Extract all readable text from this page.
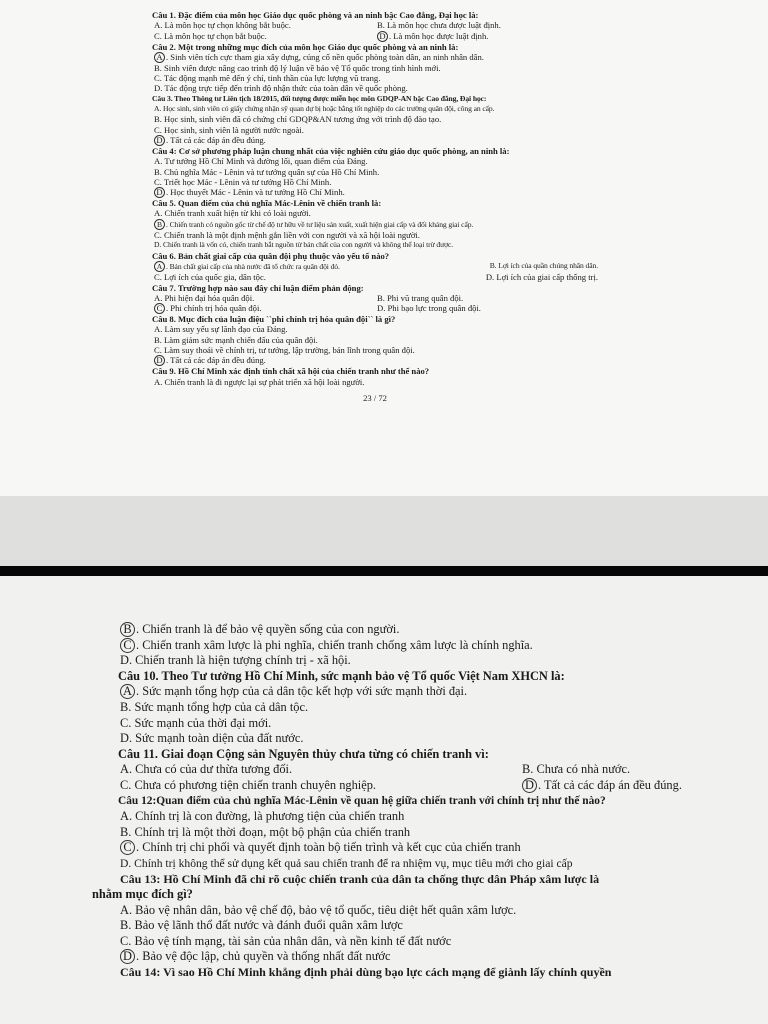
Câu 1. Đặc điểm của môn học Giáo dục quốc phòng và an ninh bậc Cao đẳng, Đại học là:
A. Là môn học tự chọn không bắt buộc.	B. Là môn học chưa được luật định.
C. Là môn học tự chọn bắt buộc.	D . Là môn học được luật định.
Câu 2. Một trong những mục đích của môn học Giáo dục quốc phòng và an ninh là:
A . Sinh viên tích cực tham gia xây dựng, củng cố nền quốc phòng toàn dân, an ninh nhân dân.
B. Sinh viên được nâng cao trình độ lý luận về bảo vệ Tổ quốc trong tình hình mới.
C. Tác động mạnh mẽ đến ý chí, tinh thần của lực lượng vũ trang.
D. Tác động trực tiếp đến trình độ nhận thức của toàn dân về quốc phòng.
Câu 3. Theo Thông tư Liên tịch 18/2015, đối tượng được miễn học môn GDQP-AN bậc Cao đẳng, Đại học:
A. Học sinh, sinh viên có giấy chứng nhận sỹ quan dự bị hoặc bằng tốt nghiệp do các trường quân đội, công an cấp.
B. Học sinh, sinh viên đã có chứng chỉ GDQP&AN tương ứng với trình độ đào tạo.
C. Học sinh, sinh viên là người nước ngoài.
D . Tất cả các đáp án đều đúng.
Câu 4: Cơ sở phương pháp luận chung nhất của việc nghiên cứu giáo dục quốc phòng, an ninh là:
A. Tư tưởng Hồ Chí Minh và đường lối, quan điểm của Đảng.
B. Chủ nghĩa Mác - Lênin và tư tưởng quân sự của Hồ Chí Minh.
C. Triết học Mác - Lênin và tư tưởng Hồ Chí Minh.
D . Học thuyết Mác - Lênin và tư tưởng Hồ Chí Minh.
Câu 5. Quan điểm của chủ nghĩa Mác-Lênin về chiến tranh là:
A. Chiến tranh xuất hiện từ khi có loài người.
B . Chiến tranh có nguồn gốc từ chế độ tư hữu về tư liệu sản xuất, xuất hiện giai cấp và đối kháng giai cấp.
C. Chiến tranh là một định mệnh gắn liền với con người và xã hội loài người.
D. Chiến tranh là vốn có, chiến tranh bắt nguồn từ bản chất của con người và không thể loại trừ được.
Câu 6. Bản chất giai cấp của quân đội phụ thuộc vào yếu tố nào?
A . Bản chất giai cấp của nhà nước đã tổ chức ra quân đội đó.	B. Lợi ích của quần chúng nhân dân.
C. Lợi ích của quốc gia, dân tộc.	D. Lợi ích của giai cấp thống trị.
Câu 7. Trường hợp nào sau đây chỉ luận điểm phản động:
A. Phi hiện đại hóa quân đội.	B. Phi vũ trang quân đội.
C . Phi chính trị hóa quân đội.	D. Phi bạo lực trong quân đội.
Câu 8. Mục đích của luận điệu ``phi chính trị hóa quân đội`` là gì?
A. Làm suy yếu sự lãnh đạo của Đảng.
B. Làm giảm sức mạnh chiến đấu của quân đội.
C. Làm suy thoái về chính trị, tư tưởng, lập trường, bản lĩnh trong quân đội.
D . Tất cả các đáp án đều đúng.
Câu 9. Hồ Chí Minh xác định tính chất xã hội của chiến tranh như thế nào?
A. Chiến tranh là đi ngược lại sự phát triển xã hội loài người.
23 / 72
B . Chiến tranh là để bảo vệ quyền sống của con người.
C . Chiến tranh xâm lược là phi nghĩa, chiến tranh chống xâm lược là chính nghĩa.
D. Chiến tranh là hiện tượng chính trị - xã hội.
Câu 10. Theo Tư tưởng Hồ Chí Minh, sức mạnh bảo vệ Tổ quốc Việt Nam XHCN là:
A . Sức mạnh tổng hợp của cả dân tộc kết hợp với sức mạnh thời đại.
B. Sức mạnh tổng hợp của cả dân tộc.
C. Sức mạnh của thời đại mới.
D. Sức mạnh toàn diện của đất nước.
Câu 11. Giai đoạn Cộng sản Nguyên thủy chưa từng có chiến tranh vì:
A. Chưa có của dư thừa tương đối.	B. Chưa có nhà nước.
C. Chưa có phương tiện chiến tranh chuyên nghiệp.	D . Tất cả các đáp án đều đúng.
Câu 12:Quan điểm của chủ nghĩa Mác-Lênin về quan hệ giữa chiến tranh với chính trị như thế nào?
A. Chính trị là con đường, là phương tiện của chiến tranh
B. Chính trị là một thời đoạn, một bộ phận của chiến tranh
C . Chính trị chi phối và quyết định toàn bộ tiến trình và kết cục của chiến tranh
D. Chính trị không thể sử dụng kết quả sau chiến tranh để ra nhiệm vụ, mục tiêu mới cho giai cấp
Câu 13: Hồ Chí Minh đã chỉ rõ cuộc chiến tranh của dân ta chống thực dân Pháp xâm lược là
nhằm mục đích gì?
A. Bảo vệ nhân dân, bảo vệ chế độ, bảo vệ tổ quốc, tiêu diệt hết quân xâm lược.
B. Bảo vệ lãnh thổ đất nước và đánh đuổi quân xâm lược
C. Bảo vệ tính mạng, tài sản của nhân dân, và nền kinh tế đất nước
D . Bảo vệ độc lập, chủ quyền và thống nhất đất nước
Câu 14: Vì sao Hồ Chí Minh khẳng định phải dùng bạo lực cách mạng để giành lấy chính quyền
